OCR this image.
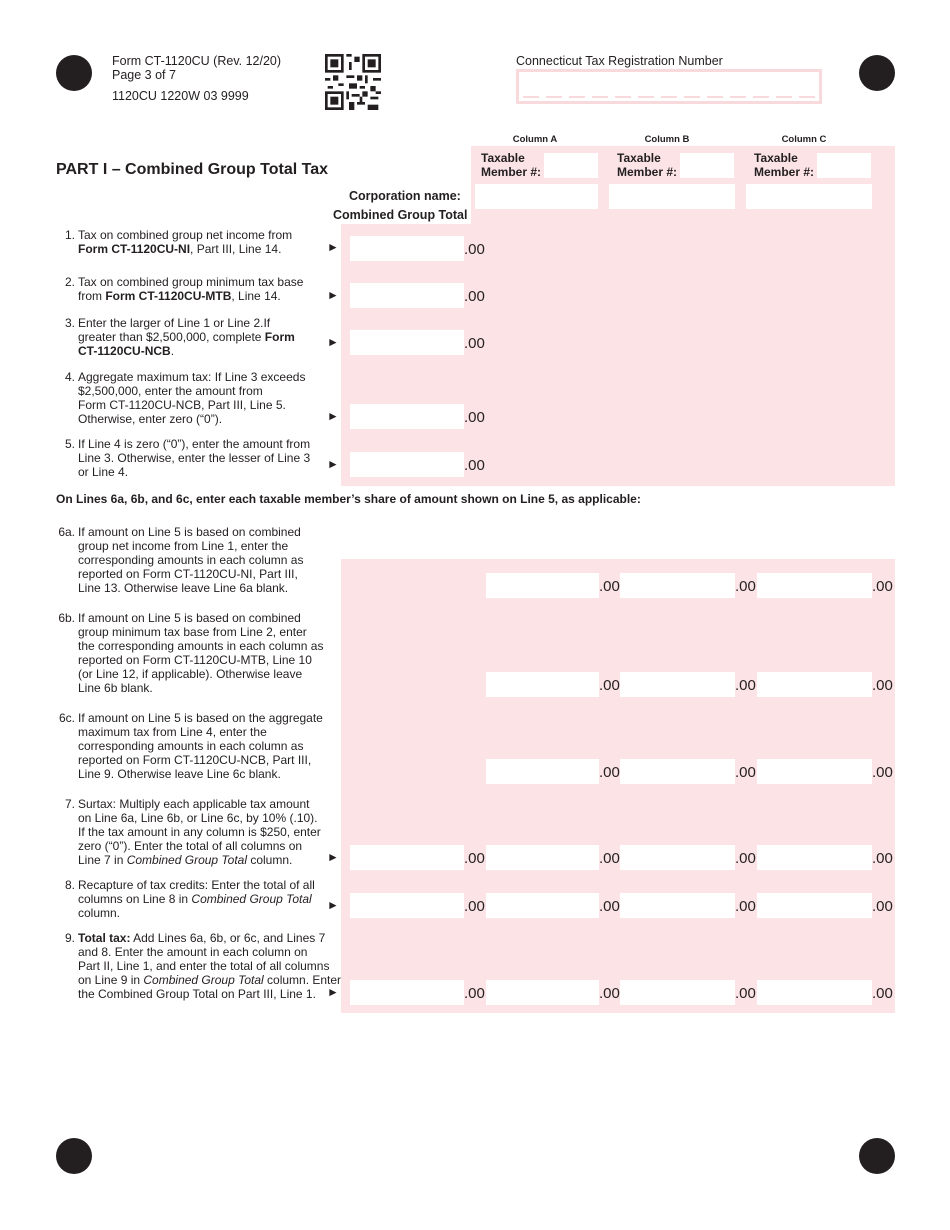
Form CT-1120CU (Rev. 12/20)
Page 3 of 7
1120CU 1220W 03 9999
Connecticut Tax Registration Number
Column A	Column B	Column C
PART I – Combined Group Total Tax
Taxable
Member #:
Taxable
Member #:
Taxable
Member #:
Corporation name:
Combined Group Total
1. Tax on combined group net income from
Form CT-1120CU-NI, Part III, Line 14.	►	.00
2. Tax on combined group minimum tax base
from Form CT-1120CU-MTB, Line 14.	►	.00
3. Enter the larger of Line 1 or Line 2.If
greater than $2,500,000, complete Form
CT-1120CU-NCB.
►	.00
4. Aggregate maximum tax: If Line 3 exceeds
$2,500,000, enter the amount from
Form CT-1120CU-NCB, Part III, Line 5.
Otherwise, enter zero (“0”).	►	.00
5. If Line 4 is zero (“0”), enter the amount from
Line 3. Otherwise, enter the lesser of Line 3
or Line 4.
►	.00
On Lines 6a, 6b, and 6c, enter each taxable member’s share of amount shown on Line 5, as applicable:
6a. If amount on Line 5 is based on combined
group net income from Line 1, enter the
corresponding amounts in each column as
reported on Form CT-1120CU-NI, Part III,
Line 13. Otherwise leave Line 6a blank.	.00	.00	.00
6b. If amount on Line 5 is based on combined
group minimum tax base from Line 2, enter
the corresponding amounts in each column as
reported on Form CT-1120CU-MTB, Line 10
(or Line 12, if applicable). Otherwise leave
Line 6b blank.	.00	.00	.00
6c. If amount on Line 5 is based on the aggregate
maximum tax from Line 4, enter the
corresponding amounts in each column as
reported on Form CT-1120CU-NCB, Part III,
Line 9. Otherwise leave Line 6c blank.	.00	.00	.00
7. Surtax: Multiply each applicable tax amount
on Line 6a, Line 6b, or Line 6c, by 10% (.10).
If the tax amount in any column is $250, enter
zero (“0”). Enter the total of all columns on
Line 7 in Combined Group Total column.	►	.00	.00	.00	.00
8. Recapture of tax credits: Enter the total of all
columns on Line 8 in Combined Group Total
column.
►	.00	.00	.00	.00
9. Total tax: Add Lines 6a, 6b, or 6c, and Lines 7
and 8. Enter the amount in each column on
Part II, Line 1, and enter the total of all columns
on Line 9 in Combined Group Total column. Enter
the Combined Group Total on Part III, Line 1. ►	.00	.00	.00	.00
